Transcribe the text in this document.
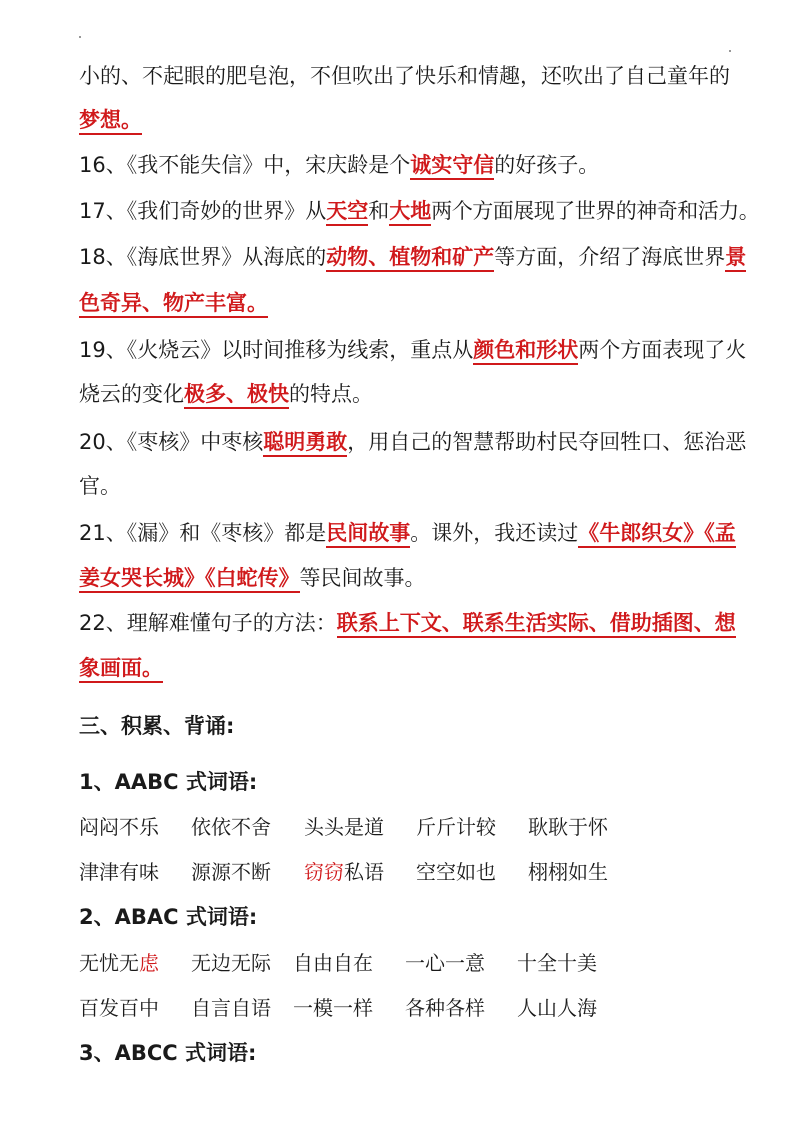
小的、不起眼的肥皂泡，不但吹出了快乐和情趣，还吹出了自己童年的
梦想。
16、《我不能失信》中，宋庆龄是个诚实守信的好孩子。
17、《我们奇妙的世界》从天空和大地两个方面展现了世界的神奇和活力。
18、《海底世界》从海底的动物、植物和矿产等方面，介绍了海底世界景
色奇异、物产丰富。
19、《火烧云》以时间推移为线索，重点从颜色和形状两个方面表现了火
烧云的变化极多、极快的特点。
20、《枣核》中枣核聪明勇敢，用自己的智慧帮助村民夺回牲口、惩治恶
官。
21、《漏》和《枣核》都是民间故事。课外，我还读过《牛郎织女》《孟
姜女哭长城》《白蛇传》等民间故事。
22、理解难懂句子的方法：联系上下文、联系生活实际、借助插图、想
象画面。
三、积累、背诵:
1、AABC 式词语:
闷闷不乐 依依不舍 头头是道 斤斤计较 耿耿于怀
津津有味 源源不断 窃窃私语 空空如也 栩栩如生
2、ABAC 式词语:
无忧无虑 无边无际 自由自在 一心一意 十全十美
百发百中 自言自语 一模一样 各种各样 人山人海
3、ABCC 式词语:
